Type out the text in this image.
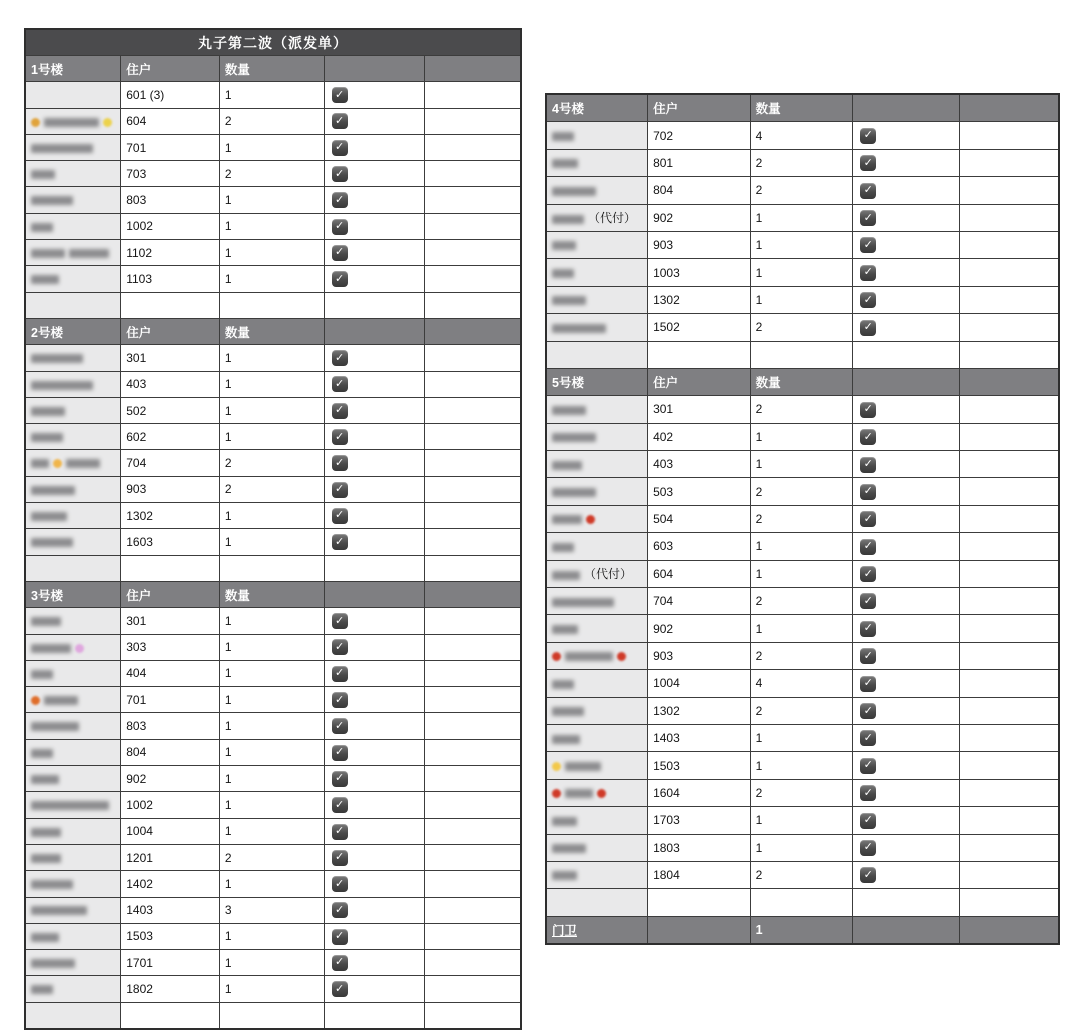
丸子第二波（派发单）				
1号楼	住户	数量		
	601 (3)	1	✓	
	604	2	✓	
	701	1	✓	
	703	2	✓	
	803	1	✓	
	1002	1	✓	
	1102	1	✓	
	1103	1	✓	

2号楼	住户	数量		
	301	1	✓	
	403	1	✓	
	502	1	✓	
	602	1	✓	
	704	2	✓	
	903	2	✓	
	1302	1	✓	
	1603	1	✓	

3号楼	住户	数量		
	301	1	✓	
	303	1	✓	
	404	1	✓	
	701	1	✓	
	803	1	✓	
	804	1	✓	
	902	1	✓	
	1002	1	✓	
	1004	1	✓	
	1201	2	✓	
	1402	1	✓	
	1403	3	✓	
	1503	1	✓	
	1701	1	✓	
	1802	1	✓	

4号楼	住户	数量		
	702	4	✓	
	801	2	✓	
	804	2	✓	
（代付）	902	1	✓	
	903	1	✓	
	1003	1	✓	
	1302	1	✓	
	1502	2	✓	

5号楼	住户	数量		
	301	2	✓	
	402	1	✓	
	403	1	✓	
	503	2	✓	
	504	2	✓	
	603	1	✓	
（代付）	604	1	✓	
	704	2	✓	
	902	1	✓	
	903	2	✓	
	1004	4	✓	
	1302	2	✓	
	1403	1	✓	
	1503	1	✓	
	1604	2	✓	
	1703	1	✓	
	1803	1	✓	
	1804	2	✓	

门卫		1		
